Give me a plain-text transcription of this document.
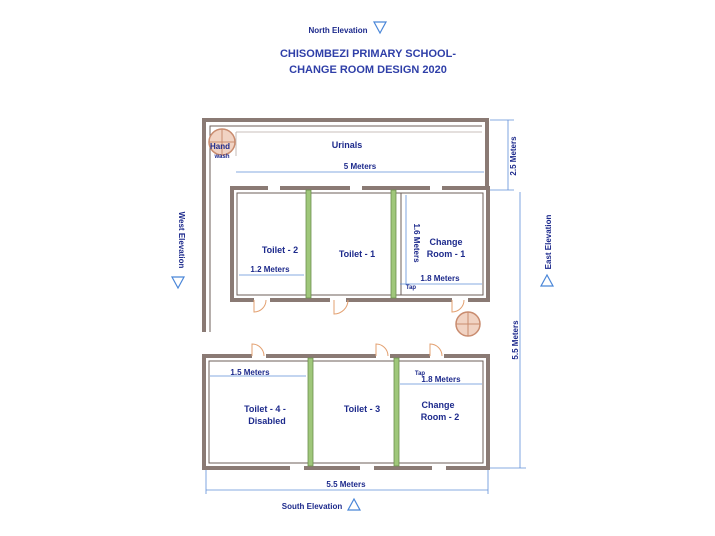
CHISOMBEZI PRIMARY SCHOOL-
CHANGE ROOM DESIGN 2020
North Elevation
South Elevation
West Elevation	East Elevation
Hand
wash
5 Meters	2.5 Meters
5.5 Meters
5.5 Meters
1.2 Meters
1.6 Meters
1.8 Meters
1.5 Meters
1.8 Meters
Urinals
Toilet - 2	Toilet - 1
Change
Room - 1
Tap
Toilet - 4 -
Disabled
Toilet - 3	Change
Room - 2
Tap
